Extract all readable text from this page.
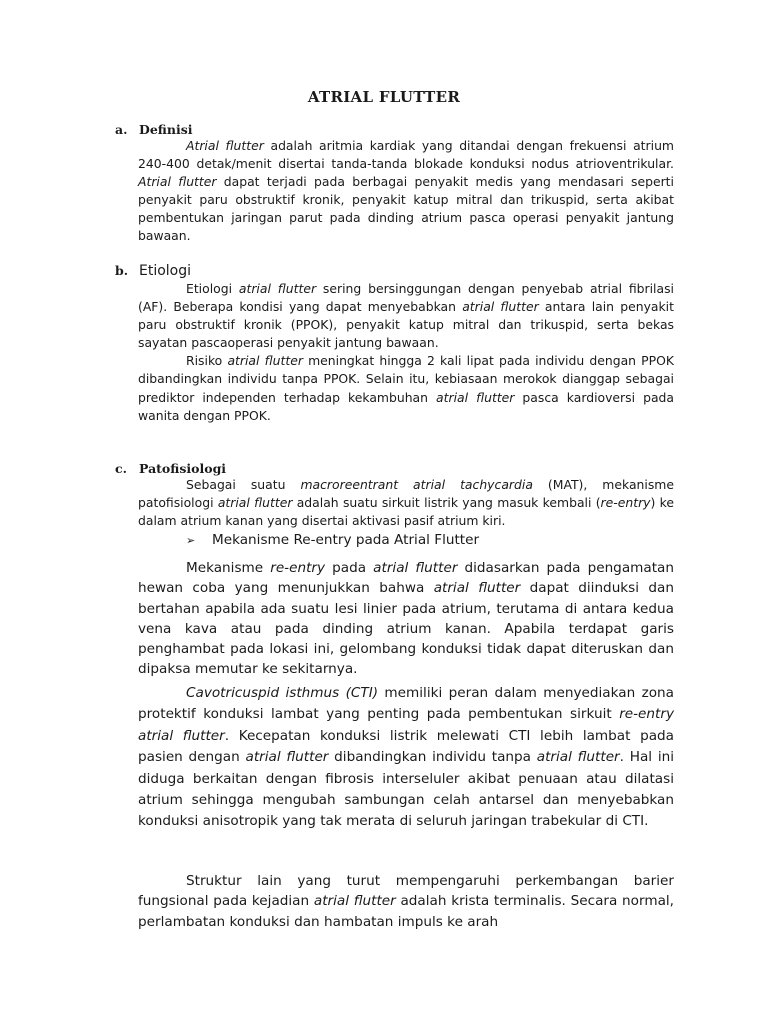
ATRIAL FLUTTER
a. Definisi

Atrial flutter adalah aritmia kardiak yang ditandai dengan frekuensi atrium 240-400 detak/menit disertai tanda-tanda blokade konduksi nodus atrioventrikular. Atrial flutter dapat terjadi pada berbagai penyakit medis yang mendasari seperti penyakit paru obstruktif kronik, penyakit katup mitral dan trikuspid, serta akibat pembentukan jaringan parut pada dinding atrium pasca operasi penyakit jantung bawaan.

b. Etiologi

Etiologi atrial flutter sering bersinggungan dengan penyebab atrial fibrilasi (AF). Beberapa kondisi yang dapat menyebabkan atrial flutter antara lain penyakit paru obstruktif kronik (PPOK), penyakit katup mitral dan trikuspid, serta bekas sayatan pascaoperasi penyakit jantung bawaan.

Risiko atrial flutter meningkat hingga 2 kali lipat pada individu dengan PPOK dibandingkan individu tanpa PPOK. Selain itu, kebiasaan merokok dianggap sebagai prediktor independen terhadap kekambuhan atrial flutter pasca kardioversi pada wanita dengan PPOK.

c. Patofisiologi

Sebagai suatu macroreentrant atrial tachycardia (MAT), mekanisme patofisiologi atrial flutter adalah suatu sirkuit listrik yang masuk kembali (re-entry) ke dalam atrium kanan yang disertai aktivasi pasif atrium kiri.

➢ Mekanisme Re-entry pada Atrial Flutter

Mekanisme re-entry pada atrial flutter didasarkan pada pengamatan hewan coba yang menunjukkan bahwa atrial flutter dapat diinduksi dan bertahan apabila ada suatu lesi linier pada atrium, terutama di antara kedua vena kava atau pada dinding atrium kanan. Apabila terdapat garis penghambat pada lokasi ini, gelombang konduksi tidak dapat diteruskan dan dipaksa memutar ke sekitarnya.

Cavotricuspid isthmus (CTI) memiliki peran dalam menyediakan zona protektif konduksi lambat yang penting pada pembentukan sirkuit re-entry atrial flutter. Kecepatan konduksi listrik melewati CTI lebih lambat pada pasien dengan atrial flutter dibandingkan individu tanpa atrial flutter. Hal ini diduga berkaitan dengan fibrosis interseluler akibat penuaan atau dilatasi atrium sehingga mengubah sambungan celah antarsel dan menyebabkan konduksi anisotropik yang tak merata di seluruh jaringan trabekular di CTI.

Struktur lain yang turut mempengaruhi perkembangan barier fungsional pada kejadian atrial flutter adalah krista terminalis. Secara normal, perlambatan konduksi dan hambatan impuls ke arah
